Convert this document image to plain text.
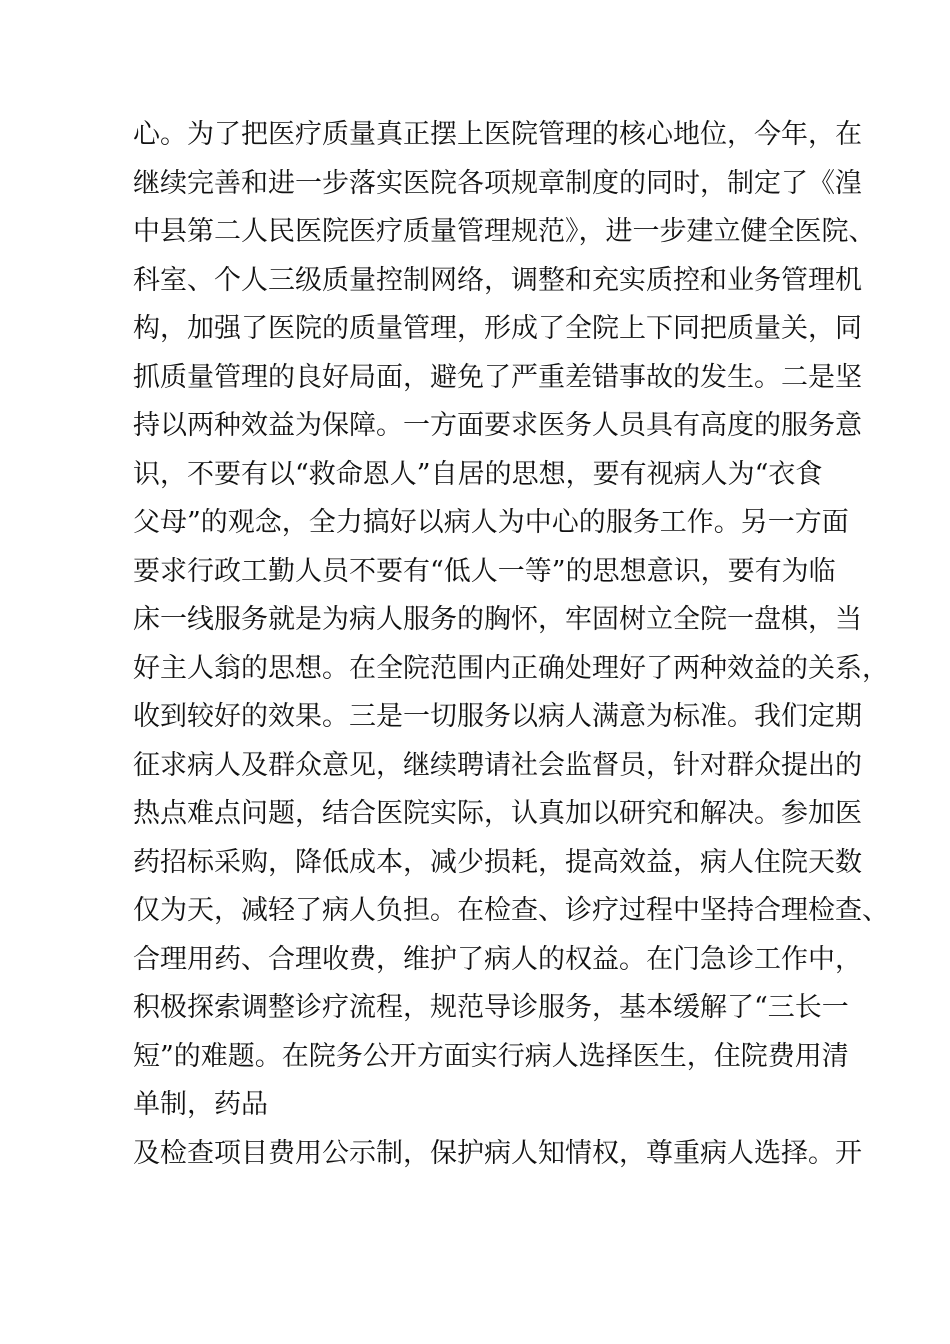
心。为了把医疗质量真正摆上医院管理的核心地位，今年，在
继续完善和进一步落实医院各项规章制度的同时，制定了《湟
中县第二人民医院医疗质量管理规范》，进一步建立健全医院、
科室、个人三级质量控制网络，调整和充实质控和业务管理机
构，加强了医院的质量管理，形成了全院上下同把质量关，同
抓质量管理的良好局面，避免了严重差错事故的发生。二是坚
持以两种效益为保障。一方面要求医务人员具有高度的服务意
识，不要有以“救命恩人”自居的思想，要有视病人为“衣食
父母”的观念，全力搞好以病人为中心的服务工作。另一方面
要求行政工勤人员不要有“低人一等”的思想意识，要有为临
床一线服务就是为病人服务的胸怀，牢固树立全院一盘棋，当
好主人翁的思想。在全院范围内正确处理好了两种效益的关系，
收到较好的效果。三是一切服务以病人满意为标准。我们定期
征求病人及群众意见，继续聘请社会监督员，针对群众提出的
热点难点问题，结合医院实际，认真加以研究和解决。参加医
药招标采购，降低成本，减少损耗，提高效益，病人住院天数
仅为天，减轻了病人负担。在检查、诊疗过程中坚持合理检查、
合理用药、合理收费，维护了病人的权益。在门急诊工作中，
积极探索调整诊疗流程，规范导诊服务，基本缓解了“三长一
短”的难题。在院务公开方面实行病人选择医生，住院费用清
单制，药品
及检查项目费用公示制，保护病人知情权，尊重病人选择。开
